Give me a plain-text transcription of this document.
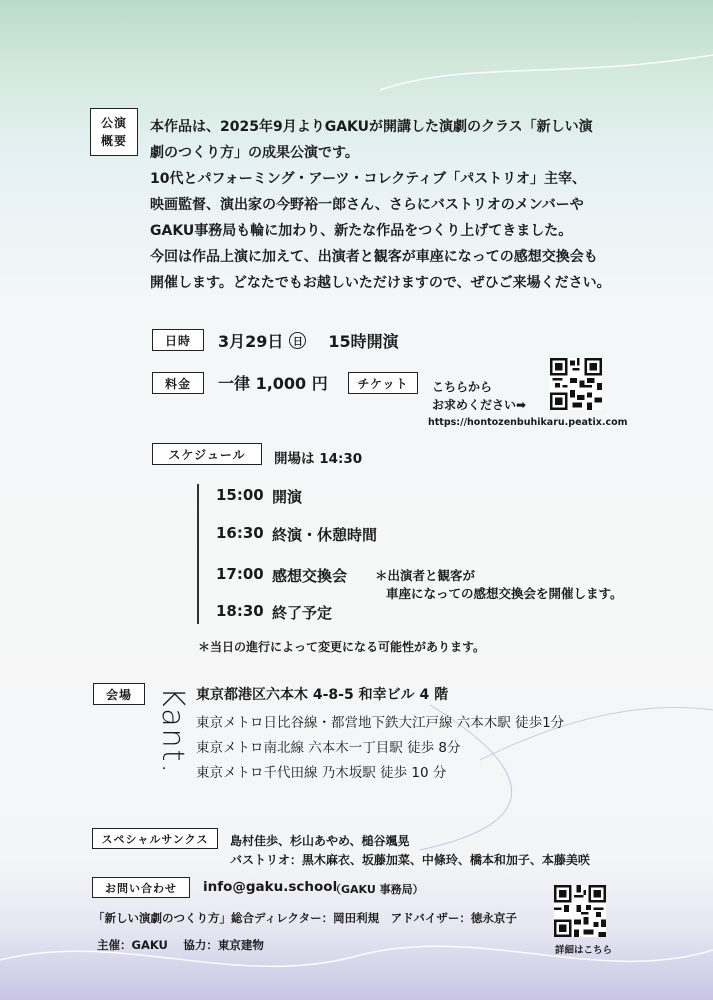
公演
概要
本作品は、2025年9月よりGAKUが開講した演劇のクラス「新しい演
劇のつくり方」の成果公演です。
10代とパフォーミング・アーツ・コレクティブ「パストリオ」主宰、
映画監督、演出家の今野裕一郎さん、さらにバストリオのメンバーや
GAKU事務局も輪に加わり、新たな作品をつくり上げてきました。
今回は作品上演に加えて、出演者と観客が車座になっての感想交換会も
開催します。どなたでもお越しいただけますので、ぜひご来場ください。
日時	3月29日 日 15時開演
料金	一律 1,000 円	チケット	こちらから
お求めください➡
https://hontozenbuhikaru.peatix.com
スケジュール	開場は 14:30
15:00 開演
16:30 終演・休憩時間
17:00 感想交換会 ＊出演者と観客が
車座になっての感想交換会を開催します。
18:30 終了予定
＊当日の進行によって変更になる可能性があります。
会場 Kant. 東京都港区六本木 4-8-5 和幸ビル 4 階
東京メトロ日比谷線・都営地下鉄大江戸線 六本木駅 徒歩1分
東京メトロ南北線 六本木一丁目駅 徒歩 8分
東京メトロ千代田線 乃木坂駅 徒歩 10 分
スペシャルサンクス	島村佳歩、杉山あやめ、槌谷颯晃
バストリオ：黒木麻衣、坂藤加菜、中條玲、橋本和加子、本藤美咲
お問い合わせ	info@gaku.school
（GAKU 事務局）
「新しい演劇のつくり方」総合ディレクター：岡田利規　アドバイザー：徳永京子
主催：GAKU　 協力：東京建物	詳細はこちら
